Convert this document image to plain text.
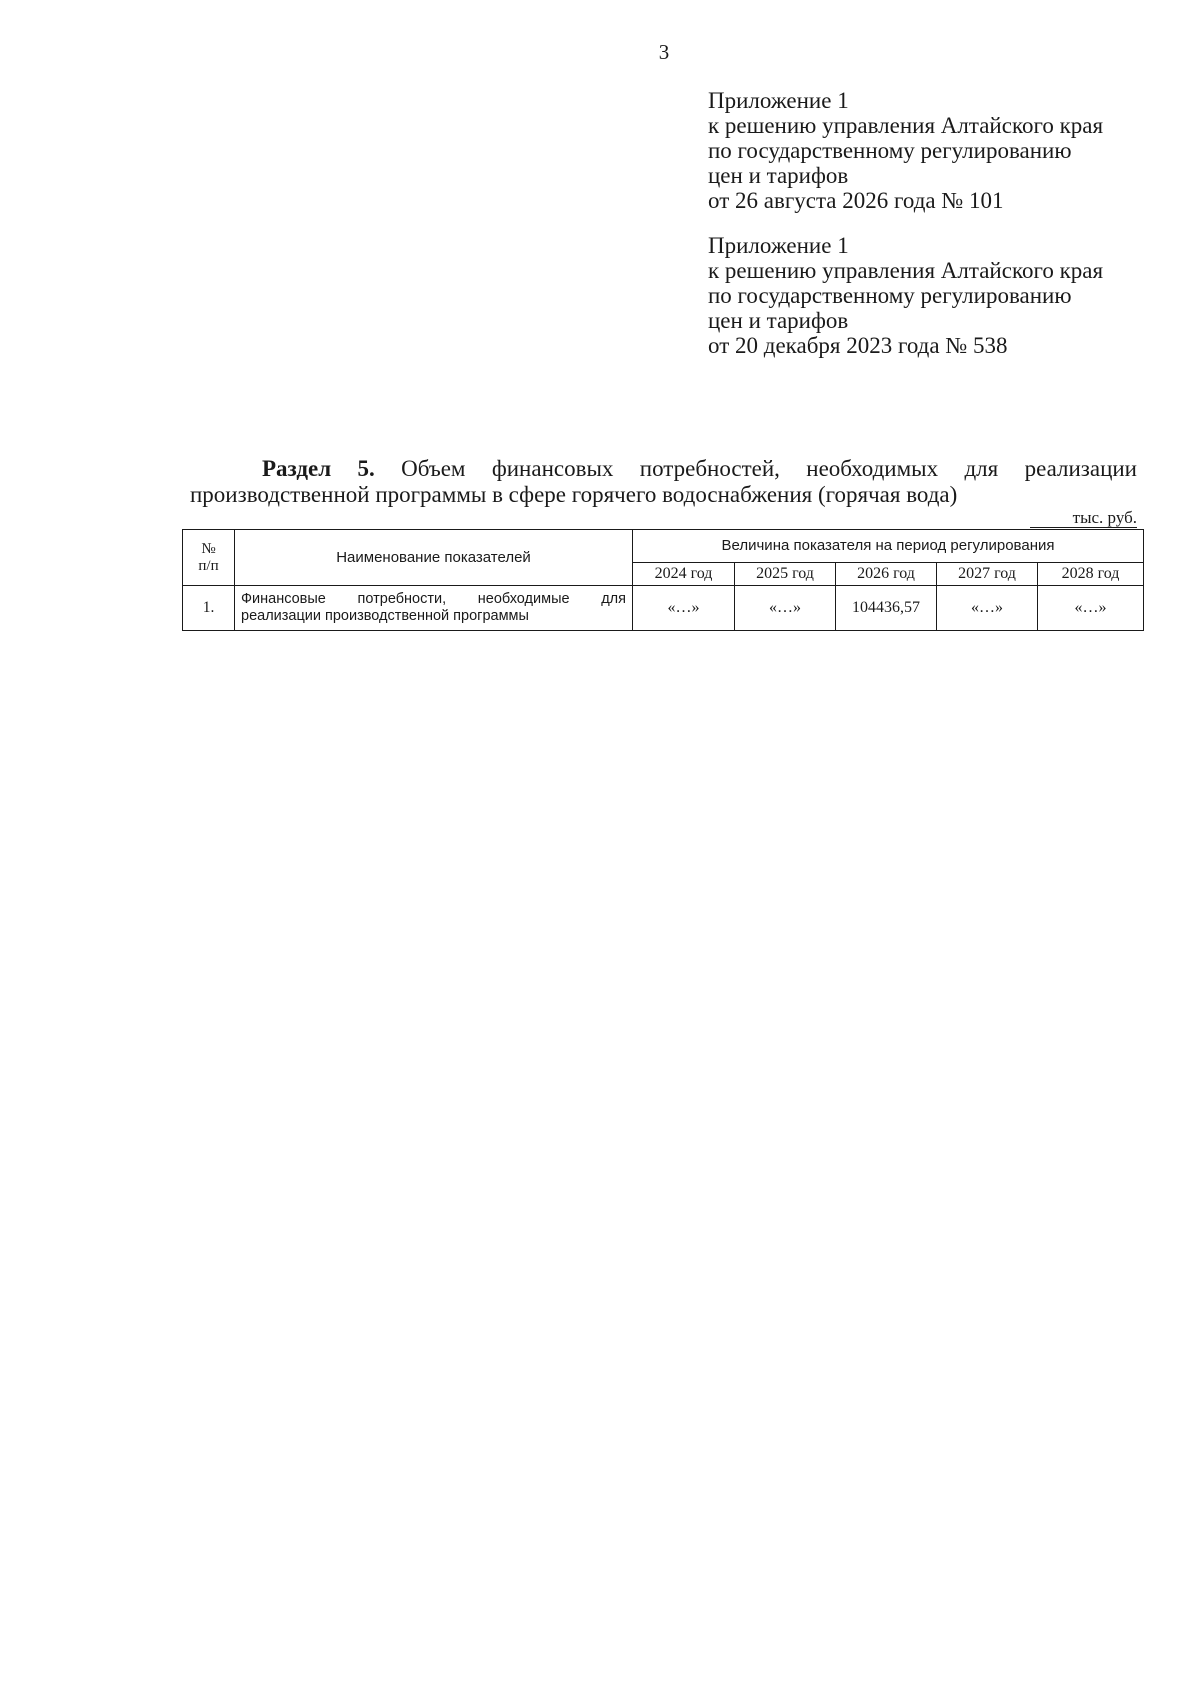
3
Приложение 1
к решению управления Алтайского края
по государственному регулированию
цен и тарифов
от 26 августа 2026 года № 101
Приложение 1
к решению управления Алтайского края
по государственному регулированию
цен и тарифов
от 20 декабря 2023 года № 538
Раздел 5. Объем финансовых потребностей, необходимых для реализации
производственной программы в сфере горячего водоснабжения (горячая вода)
тыс. руб.
№
п/п	Наименование показателей	Величина показателя на период регулирования				
		2024 год	2025 год	2026 год	2027 год	2028 год
1.	Финансовые потребности, необходимые для реализации производственной программы	«…»	«…»	104436,57	«…»	«…»
